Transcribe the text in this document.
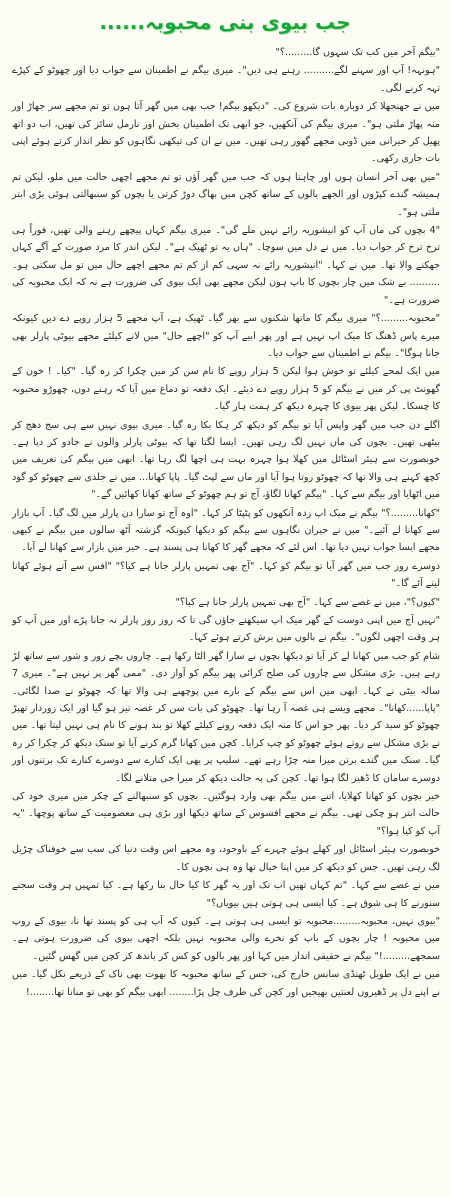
جب بیوی بنی محبوبہ......

"بیگم آخر میں کب تک سہوں گا.........؟"

"ہونہہ! آپ اور سہنے لگے.......... رہنے ہی دیں"۔ میری بیگم نے اطمینان سے جواب دیا اور چھوٹو کے کپڑے تہہ کرنے لگی۔

میں نے جھنجھلا کر دوبارہ بات شروع کی۔ "دیکھو بیگم! جب بھی میں گھر آتا ہوں تو تم مجھے سر جھاڑ اور منہ پھاڑ ملتی ہو"۔ میری بیگم کی آنکھیں، جو ابھی تک اطمینان بخش اور نارمل سائز کی تھیں، اب دو اتھ پھیل کر حیرانی میں ڈوبی مجھے گھور رہی تھیں۔ میں نے ان کی تیکھی نگاہوں کو نظر انداز کرتے ہوئے اپنی بات جاری رکھی۔

"میں بھی آخر انسان ہوں اور چاہتا ہوں کہ جب میں گھر آؤں تو تم مجھے اچھی حالت میں ملو، لیکن تم ہمیشہ گندے کپڑوں اور الجھے بالوں کے ساتھ کچن میں بھاگ دوڑ کرتی یا بچوں کو سنبھالتی ہوئی بڑی ابتر ملتی ہو"۔

"4 بچوں کی ماں آپ کو انیشوریہ رائے نہیں ملے گی"۔ میری بیگم کہاں پیچھے رہنے والی تھیں، فوراً ہی ترخ ترخ کر جواب دیا۔ میں نے دل میں سوچا۔ "ہاں یہ تو ٹھیک ہے"۔ لیکن اندر کا مرد صورت کے آگے کہاں جھکنے والا تھا۔ میں نے کہا۔ "انیشوریہ رائے نہ سہی کم از کم تم مجھے اچھے حال میں تو مل سکتی ہو۔ .......... بے شک میں چار بچوں کا باپ ہوں لیکن مجھے بھی ایک بیوی کی ضرورت ہے نہ کہ ایک محبوبہ کی ضرورت ہے۔"

"محبوبہ.........؟" میری بیگم کا ماتھا شکنوں سے بھر گیا۔ ٹھیک ہے، آپ مجھے 5 ہزار روپے دے دیں کیونکہ میرے پاس ڈھنگ کا میک اپ نہیں ہے اور پھر ابیے آپ کو "اچھے حال" میں لانے کیلئے مجھے بیوٹی پارلر بھی جانا ہوگا"۔ بیگم نے اطمینان سے جواب دیا۔

میں ایک لمحے کیلئے تو خوش ہوا لیکن 5 ہزار روپے کا نام سن کر میں چکرا کر رہ گیا۔ "کیا۔ ! خون کے گھونٹ پی کر میں نے بیگم کو 5 ہزار روپے دے دیئے۔ ایک دفعہ تو دماغ میں آیا کہ رہنے دوں، چھوڑو محبوبہ کا چسکا۔ لیکن پھر بیوی کا چہرہ دیکھ کر ہمت ہار گیا۔

اگلے دن جب میں گھر واپس آیا تو بیگم کو دیکھ کر ہکا بکا رہ گیا۔ میری بیوی نہیں سے ہی سج دھج کر بیٹھی تھیں۔ بچوں کی ماں نہیں لگ رہی تھیں۔ ایسا لگتا تھا کہ بیوٹی پارلر والوں نے جادو کر دیا ہے۔ خوبصورت سے ہیئر اسٹائل میں کھلا ہوا چہرہ بہت ہی اچھا لگ رہا تھا۔ ابھی میں بیگم کی تعریف میں کچھ کہنے ہی والا تھا کہ چھوٹو روتا ہوا آیا اور ماں سے لپٹ گیا۔ پاپا کھانا... میں نے جلدی سے چھوٹو کو گود میں اٹھایا اور بیگم سے کہا۔ "بیگم کھانا لگاؤ، آج تو ہم چھوٹو کے ساتھ کھانا کھائیں گے۔"

"کھانا.........؟" بیگم نے میک اپ زدہ آنکھوں کو پٹپٹا کر کہا۔ "اوہ آج تو سارا دن پارلر میں لگ گیا۔ آپ بازار سے کھانا لے آئیے۔" میں نے حیران نگاہوں سے بیگم کو دیکھا کیونکہ گزشتہ آٹھ سالوں میں بیگم نے کبھی مجھے ایسا جواب نہیں دیا تھا۔ اس لئے کہ مجھے گھر کا کھانا ہی پسند ہے۔ خیر میں بازار سے کھانا لے آیا۔

دوسرے روز جب میں گھر آیا تو بیگم کو کہا۔ "آج بھی تمہیں پارلر جانا ہے کیا؟" "افس سے آتے ہوئے کھانا لیتے آئے گا۔"

"کیوں؟"، میں نے غصے سے کہا۔ "آج بھی تمہیں پارلر جانا ہے کیا؟"

"نہیں آج میں اپنی دوست کے گھر میک اپ سیکھنے جاؤں گی تا کہ روز روز پارلر نہ جانا پڑے اور میں آپ کو ہر وقت اچھی لگوں"۔ بیگم نے بالوں میں برش کرتے ہوئے کہا۔

شام کو جب میں کھانا لے کر آیا تو دیکھا بچوں نے سارا گھر الٹا رکھا ہے۔ چاروں بچے زور و شور سے ساتھ لڑ رہے ہیں۔ بڑی مشکل سے چاروں کی صلح کرائی پھر بیگم کو آواز دی۔ "ممی گھر پر نہیں ہے"۔ میری 7 سالہ بیٹی نے کہا۔ ابھی میں اس سے بیگم کے بارے میں پوچھنے ہی والا تھا کہ چھوٹو نے صدا لگائی۔ "پاپا......کھانا"۔ مجھے ویسے ہی غصہ آ رہا تھا۔ چھوٹو کی بات سن کر غصہ تیز ہو گیا اور ایک زوردار تھپڑ چھوٹو کو سید کر دیا۔ پھر جو اس کا منہ ایک دفعہ رونے کیلئے کھلا تو بند ہونے کا نام ہی نہیں لیتا تھا۔ میں نے بڑی مشکل سے روتے ہوئے چھوٹو کو چپ کرایا۔ کچن میں کھانا گرم کرنے آیا تو سنک دیکھ کر چکرا کر رہ گیا۔ سنک میں گندے برتن میرا منہ چڑا رہے تھے۔ سلیپ پر بھی ایک کنارے سے دوسرے کنارے تک برتنوں اور دوسرے سامان کا ڈھیر لگا ہوا تھا۔ کچن کی یہ حالت دیکھ کر میرا جی متلانے لگا۔

خیر بچوں کو کھانا کھلایا، اتنے میں بیگم بھی وارد ہوگئیں۔ بچوں کو سنبھالنے کے چکر میں میری خود کی حالت ابتر ہو چکی تھی۔ بیگم نے مجھے افسوس کے ساتھ دیکھا اور بڑی ہی معصومیت کے ساتھ پوچھا۔ "یہ آپ کو کیا ہوا؟"

خوبصورت ہیئر اسٹائل اور کھلے ہوئے چہرے کے باوجود، وہ مجھے اس وقت دنیا کی سب سے خوفناک چڑیل لگ رہی تھیں۔ جس کو دیکھ کر میں اپنا خیال تھا وہ ہی بچوں کا۔

میں نے غصے سے کہا۔ "تم کہاں تھیں اب تک اور یہ گھر کا کیا حال بنا رکھا ہے۔ کیا تمہیں ہر وقت سجنے سنورنے کا ہی شوق ہے۔ کیا ایسی ہی ہوتی ہیں بیویاں؟"

"بیوی نہیں، محبوبہ.........محبوبہ تو ایسی ہی ہوتی ہے۔ کیوں کہ آپ ہی کو پسند تھا نا، بیوی کے روپ میں محبوبہ ! چار بچوں کے باپ کو نخرے والی محبوبہ نہیں بلکہ اچھی بیوی کی ضرورت ہوتی ہے۔ سمجھے.........!" بیگم نے حقیقی انداز میں کہا اور پھر بالوں کو کس کر باندھ کر کچن میں گھس گئیں۔

میں نے ایک طویل ٹھنڈی سانس خارج کی، جس کے ساتھ محبوبہ کا بھوت بھی ناک کے ذریعے نکل گیا۔ میں نے اپنے دل پر ڈھیروں لعنتیں بھیجیں اور کچن کی طرف چل پڑا........ ابھی بیگم کو بھی تو منانا تھا........!
